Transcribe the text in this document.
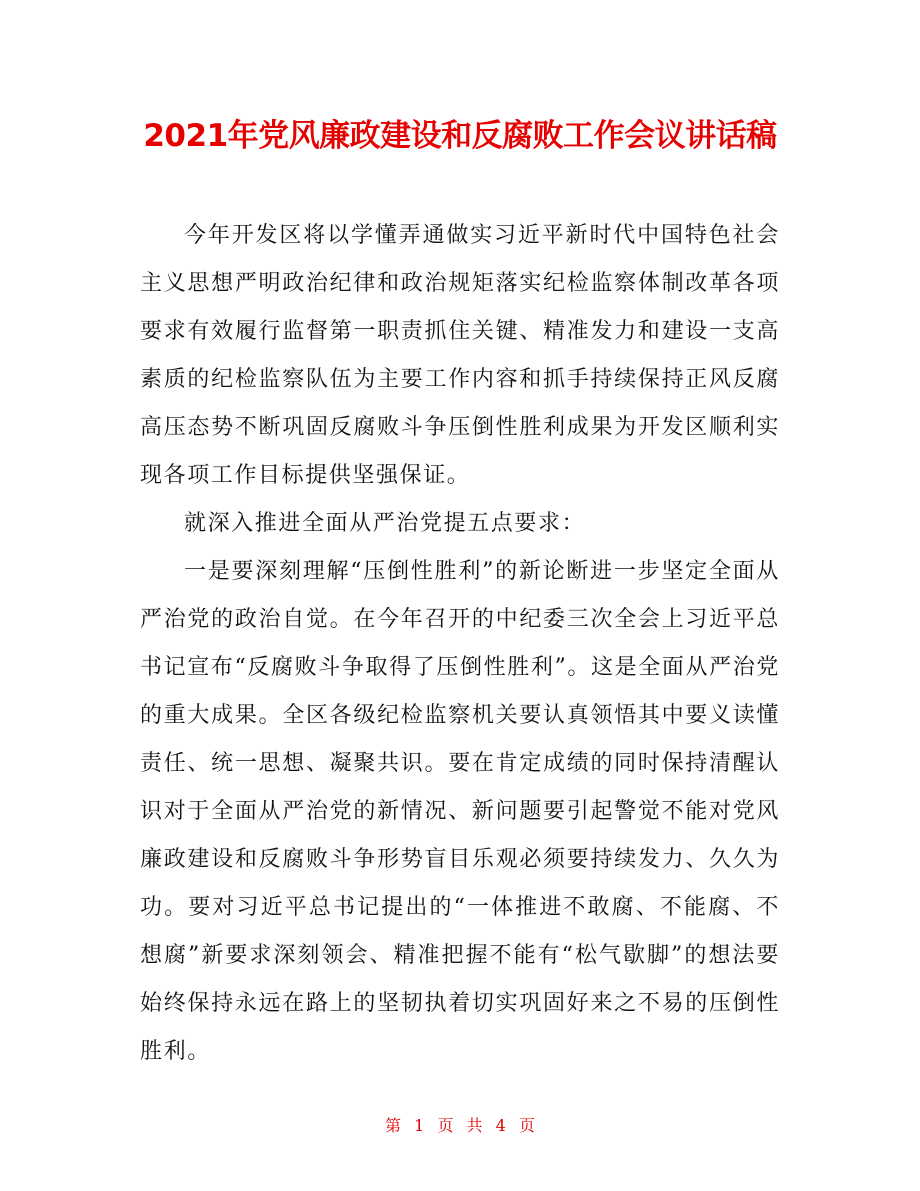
2021年党风廉政建设和反腐败工作会议讲话稿

今年开发区将以学懂弄通做实习近平新时代中国特色社会主义思想严明政治纪律和政治规矩落实纪检监察体制改革各项要求有效履行监督第一职责抓住关键、精准发力和建设一支高素质的纪检监察队伍为主要工作内容和抓手持续保持正风反腐高压态势不断巩固反腐败斗争压倒性胜利成果为开发区顺利实现各项工作目标提供坚强保证。

就深入推进全面从严治党提五点要求：

一是要深刻理解“压倒性胜利”的新论断进一步坚定全面从严治党的政治自觉。在今年召开的中纪委三次全会上习近平总书记宣布“反腐败斗争取得了压倒性胜利”。这是全面从严治党的重大成果。全区各级纪检监察机关要认真领悟其中要义读懂责任、统一思想、凝聚共识。要在肯定成绩的同时保持清醒认识对于全面从严治党的新情况、新问题要引起警觉不能对党风廉政建设和反腐败斗争形势盲目乐观必须要持续发力、久久为功。要对习近平总书记提出的“一体推进不敢腐、不能腐、不想腐”新要求深刻领会、精准把握不能有“松气歇脚”的想法要始终保持永远在路上的坚韧执着切实巩固好来之不易的压倒性胜利。

第 1 页 共 4 页
